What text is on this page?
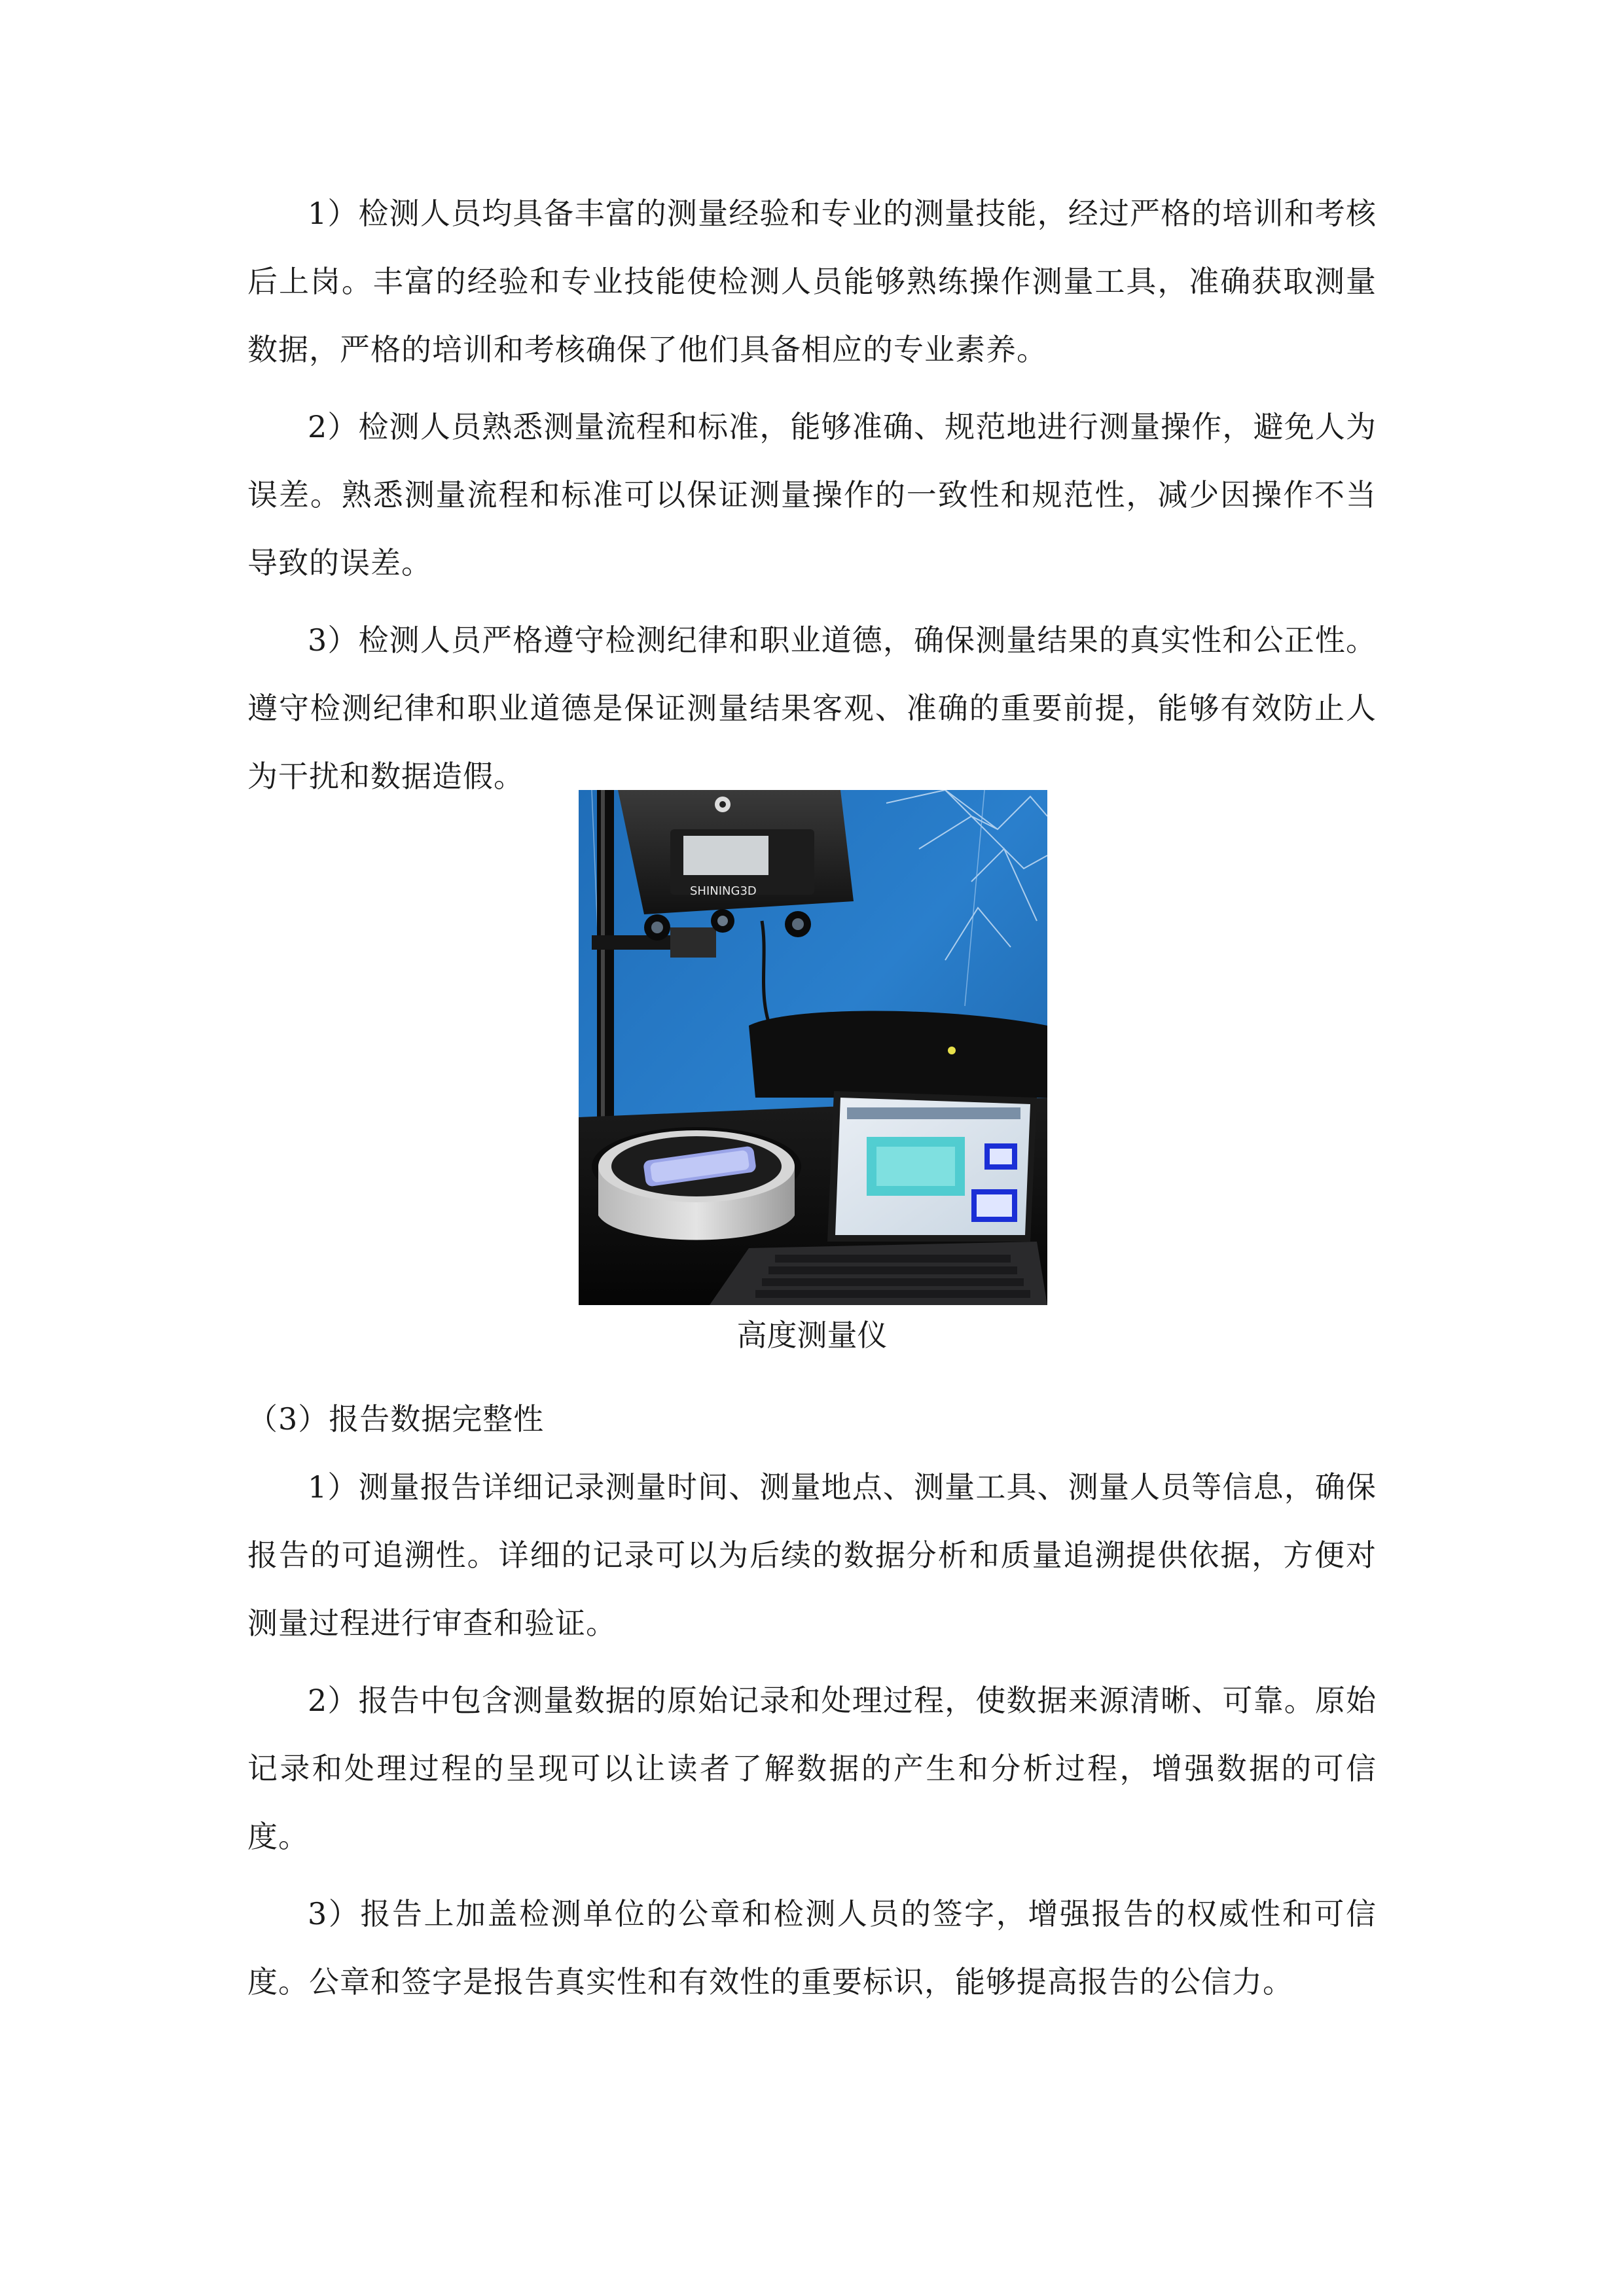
1）检测人员均具备丰富的测量经验和专业的测量技能，经过严格的培训和考核后上岗。丰富的经验和专业技能使检测人员能够熟练操作测量工具，准确获取测量数据，严格的培训和考核确保了他们具备相应的专业素养。

2）检测人员熟悉测量流程和标准，能够准确、规范地进行测量操作，避免人为误差。熟悉测量流程和标准可以保证测量操作的一致性和规范性，减少因操作不当导致的误差。

3）检测人员严格遵守检测纪律和职业道德，确保测量结果的真实性和公正性。遵守检测纪律和职业道德是保证测量结果客观、准确的重要前提，能够有效防止人为干扰和数据造假。

SHINING3D

高度测量仪

（3）报告数据完整性

1）测量报告详细记录测量时间、测量地点、测量工具、测量人员等信息，确保报告的可追溯性。详细的记录可以为后续的数据分析和质量追溯提供依据，方便对测量过程进行审查和验证。

2）报告中包含测量数据的原始记录和处理过程，使数据来源清晰、可靠。原始记录和处理过程的呈现可以让读者了解数据的产生和分析过程，增强数据的可信度。

3）报告上加盖检测单位的公章和检测人员的签字，增强报告的权威性和可信度。公章和签字是报告真实性和有效性的重要标识，能够提高报告的公信力。
